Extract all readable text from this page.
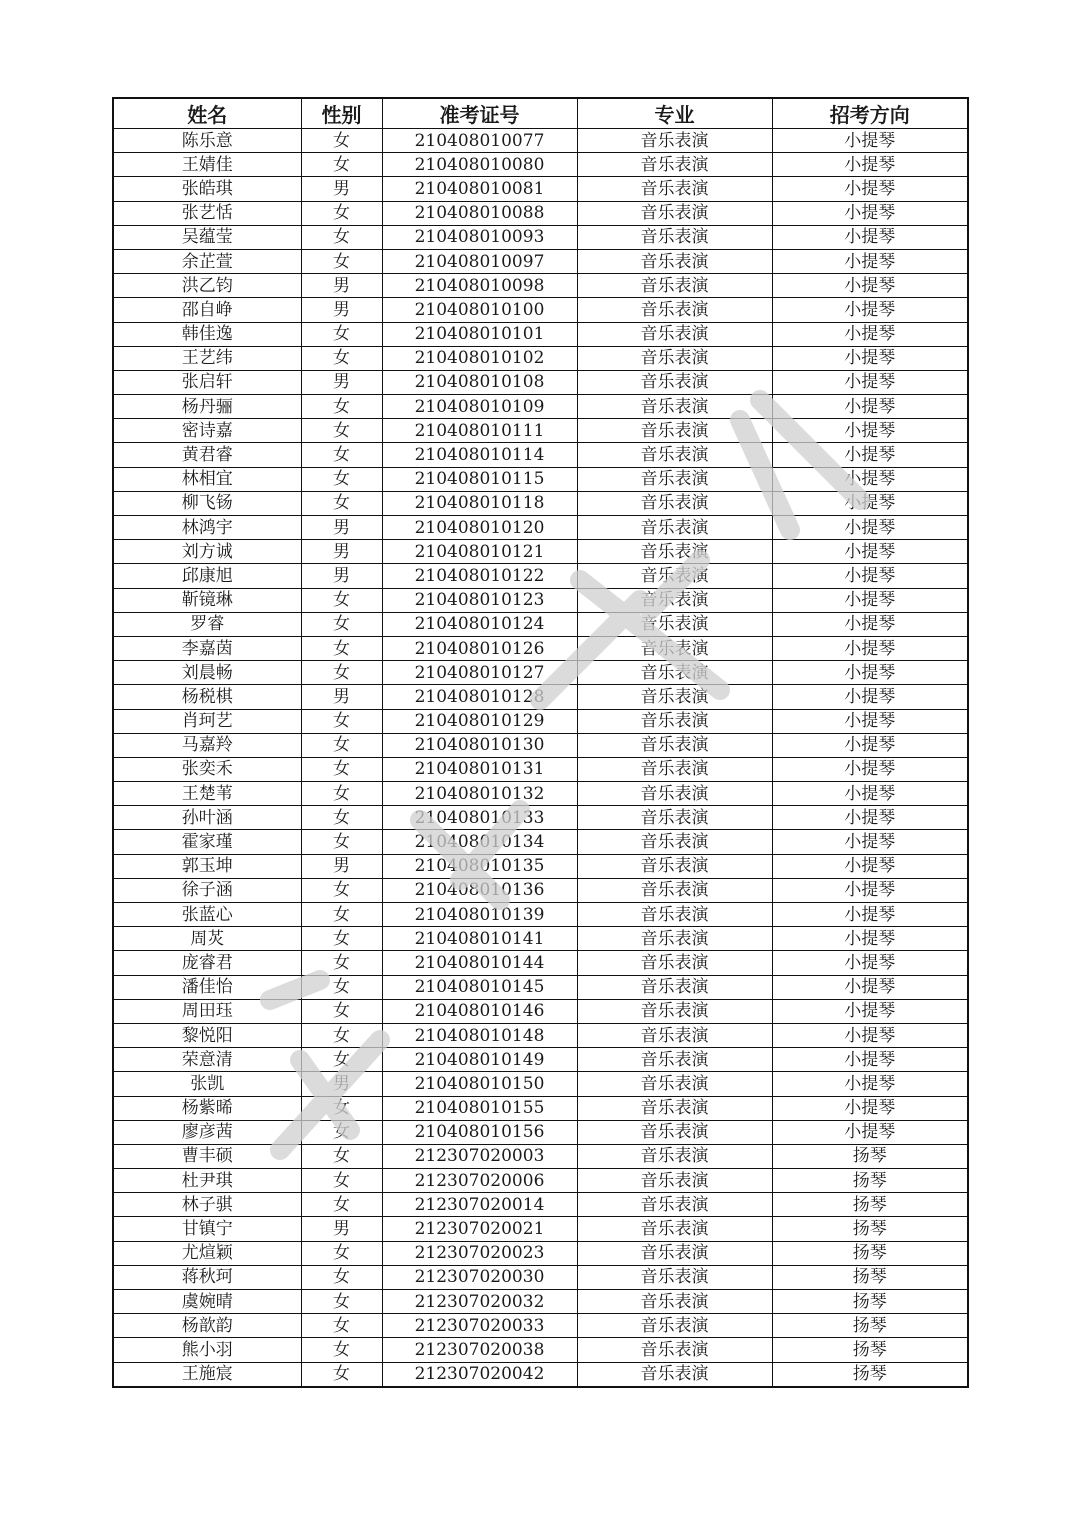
姓名	性别	准考证号	专业	招考方向
陈乐意	女	210408010077	音乐表演	小提琴
王婧佳	女	210408010080	音乐表演	小提琴
张皓琪	男	210408010081	音乐表演	小提琴
张艺恬	女	210408010088	音乐表演	小提琴
吴蕴莹	女	210408010093	音乐表演	小提琴
余芷萱	女	210408010097	音乐表演	小提琴
洪乙钧	男	210408010098	音乐表演	小提琴
邵自峥	男	210408010100	音乐表演	小提琴
韩佳逸	女	210408010101	音乐表演	小提琴
王艺纬	女	210408010102	音乐表演	小提琴
张启轩	男	210408010108	音乐表演	小提琴
杨丹骊	女	210408010109	音乐表演	小提琴
密诗嘉	女	210408010111	音乐表演	小提琴
黄君睿	女	210408010114	音乐表演	小提琴
林相宜	女	210408010115	音乐表演	小提琴
柳飞钖	女	210408010118	音乐表演	小提琴
林鸿宇	男	210408010120	音乐表演	小提琴
刘方诚	男	210408010121	音乐表演	小提琴
邱康旭	男	210408010122	音乐表演	小提琴
靳镜琳	女	210408010123	音乐表演	小提琴
罗睿	女	210408010124	音乐表演	小提琴
李嘉茵	女	210408010126	音乐表演	小提琴
刘晨畅	女	210408010127	音乐表演	小提琴
杨税棋	男	210408010128	音乐表演	小提琴
肖珂艺	女	210408010129	音乐表演	小提琴
马嘉羚	女	210408010130	音乐表演	小提琴
张奕禾	女	210408010131	音乐表演	小提琴
王楚苇	女	210408010132	音乐表演	小提琴
孙叶涵	女	210408010133	音乐表演	小提琴
霍家瑾	女	210408010134	音乐表演	小提琴
郭玉坤	男	210408010135	音乐表演	小提琴
徐子涵	女	210408010136	音乐表演	小提琴
张蓝心	女	210408010139	音乐表演	小提琴
周炗	女	210408010141	音乐表演	小提琴
庞睿君	女	210408010144	音乐表演	小提琴
潘佳怡	女	210408010145	音乐表演	小提琴
周田珏	女	210408010146	音乐表演	小提琴
黎悦阳	女	210408010148	音乐表演	小提琴
荣意清	女	210408010149	音乐表演	小提琴
张凯	男	210408010150	音乐表演	小提琴
杨紫晞	女	210408010155	音乐表演	小提琴
廖彦茜	女	210408010156	音乐表演	小提琴
曹丰硕	女	212307020003	音乐表演	扬琴
杜尹琪	女	212307020006	音乐表演	扬琴
林子骐	女	212307020014	音乐表演	扬琴
甘镇宁	男	212307020021	音乐表演	扬琴
尤煊颖	女	212307020023	音乐表演	扬琴
蒋秋珂	女	212307020030	音乐表演	扬琴
虞婉晴	女	212307020032	音乐表演	扬琴
杨歆韵	女	212307020033	音乐表演	扬琴
熊小羽	女	212307020038	音乐表演	扬琴
王施宸	女	212307020042	音乐表演	扬琴
